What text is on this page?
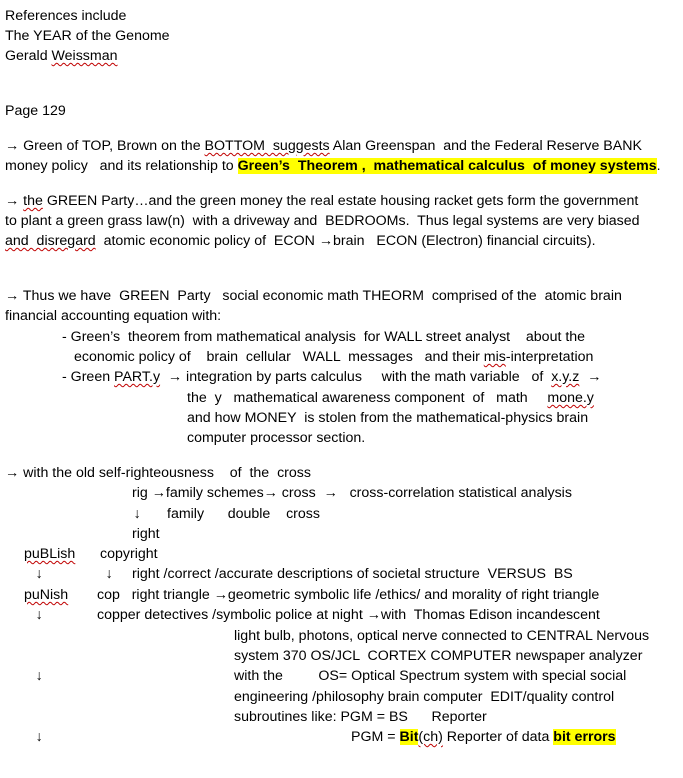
References include
The YEAR of the Genome
Gerald Weissman
Page 129
→ Green of TOP, Brown on the BOTTOM  suggests Alan Greenspan  and the Federal Reserve BANK
money policy   and its relationship to Green’s  Theorem ,  mathematical calculus  of money systems.
→ the GREEN Party…and the green money the real estate housing racket gets form the government
to plant a green grass law(n)  with a driveway and  BEDROOMs.  Thus legal systems are very biased
and  disregard  atomic economic policy of  ECON →brain   ECON (Electron) financial circuits).
→ Thus we have  GREEN  Party   social economic math THEORM  comprised of the  atomic brain
financial accounting equation with:
- Green’s  theorem from mathematical analysis  for WALL street analyst    about the
economic policy of    brain  cellular   WALL  messages   and their mis-interpretation
- Green PART.y  → integration by parts calculus     with the math variable   of  x.y.z  →
the  y   mathematical awareness component  of   math     mone.y
and how MONEY  is stolen from the mathematical-physics brain
computer processor section.
→ with the old self-righteousness    of  the  cross
rig →family schemes→ cross  →   cross-correlation statistical analysis
↓	family      double    cross
right
puBLish copyright
↓	↓	right /correct /accurate descriptions of societal structure  VERSUS  BS
puNish cop   right triangle →geometric symbolic life /ethics/ and morality of right triangle
↓	copper detectives /symbolic police at night →with  Thomas Edison incandescent
light bulb, photons, optical nerve connected to CENTRAL Nervous
system 370 OS/JCL  CORTEX COMPUTER newspaper analyzer
↓	with the         OS= Optical Spectrum system with special social
engineering /philosophy brain computer  EDIT/quality control
subroutines like: PGM = BS      Reporter
↓	PGM = Bit(ch) Reporter of data bit errors
